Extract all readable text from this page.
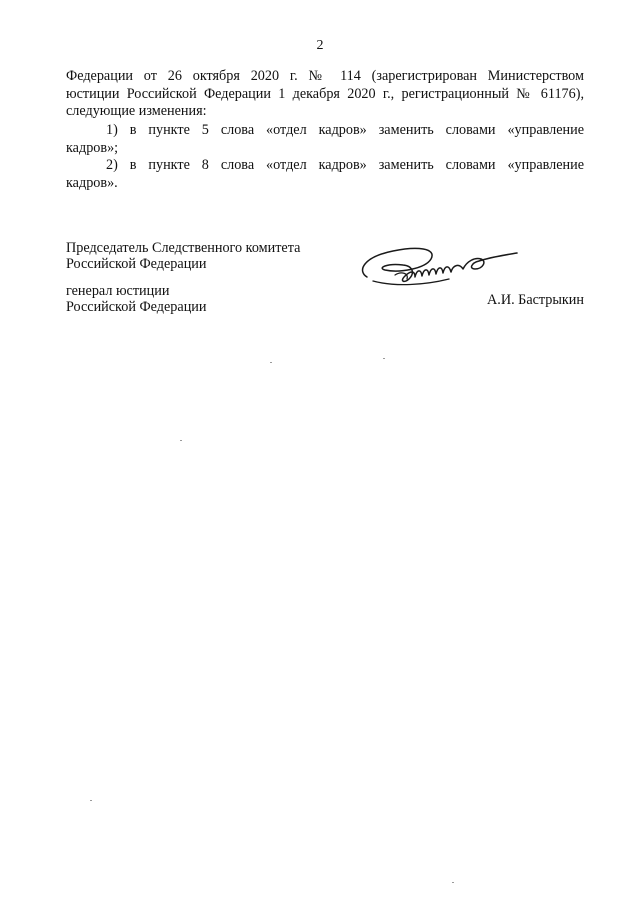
2
Федерации от 26 октября 2020 г. № 114 (зарегистрирован Министерством
юстиции Российской Федерации 1 декабря 2020 г., регистрационный № 61176),
следующие изменения:
1) в пункте 5 слова «отдел кадров» заменить словами «управление
кадров»;
2) в пункте 8 слова «отдел кадров» заменить словами «управление
кадров».
Председатель Следственного комитета
Российской Федерации
генерал юстиции
Российской Федерации	А.И. Бастрыкин
